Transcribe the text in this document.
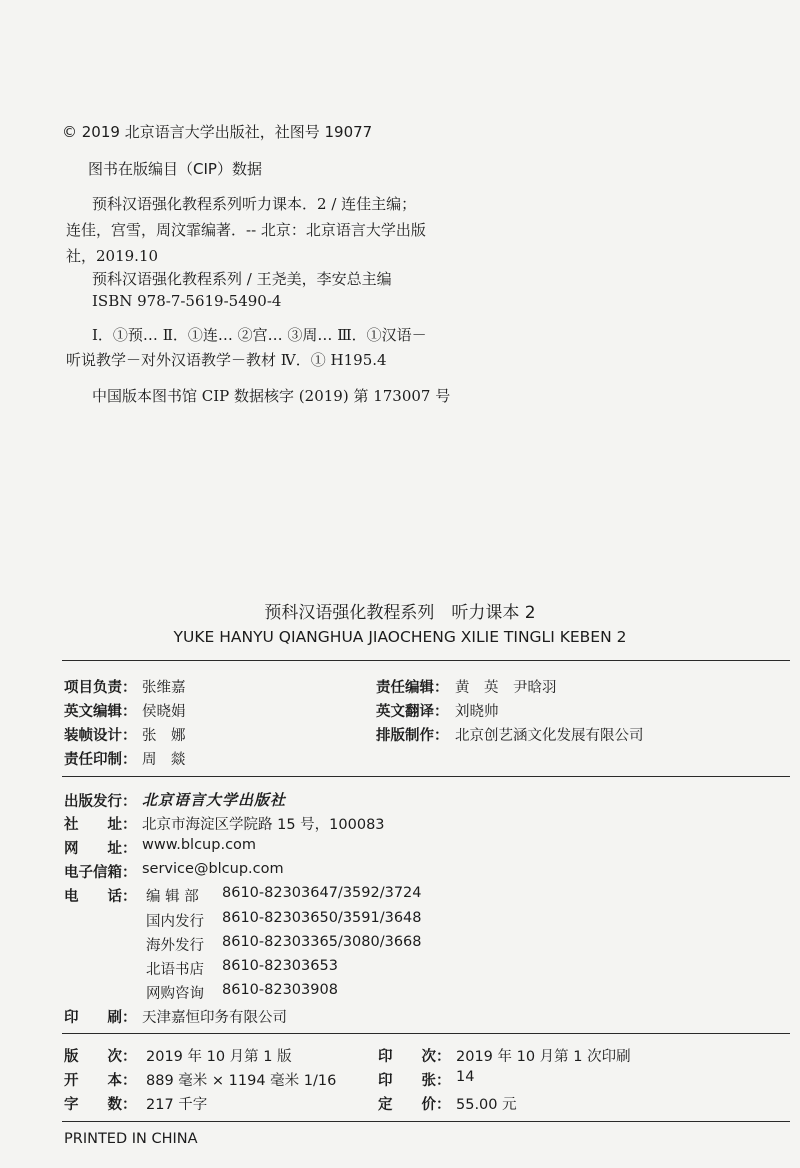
© 2019 北京语言大学出版社，社图号 19077
图书在版编目（CIP）数据
预科汉语强化教程系列听力课本．2 / 连佳主编；
连佳，宫雪，周汶霏编著．-- 北京：北京语言大学出版
社，2019.10
预科汉语强化教程系列 / 王尧美，李安总主编
ISBN 978-7-5619-5490-4
Ⅰ．①预… Ⅱ．①连… ②宫… ③周… Ⅲ．①汉语－
听说教学－对外汉语教学－教材 Ⅳ．① H195.4
中国版本图书馆 CIP 数据核字 (2019) 第 173007 号
预科汉语强化教程系列　听力课本 2
YUKE HANYU QIANGHUA JIAOCHENG XILIE TINGLI KEBEN 2
项目负责： 张维嘉	责任编辑： 黄　英　尹晗羽
英文编辑： 侯晓娟	英文翻译： 刘晓帅
装帧设计： 张　娜	排版制作： 北京创艺涵文化发展有限公司
责任印制： 周　燚
出版发行： 北京语言大学出版社
社　　址： 北京市海淀区学院路 15 号，100083
网　　址： www.blcup.com
电子信箱： service@blcup.com
电　　话： 编 辑 部 8610-82303647/3592/3724
国内发行 8610-82303650/3591/3648
海外发行 8610-82303365/3080/3668
北语书店 8610-82303653
网购咨询 8610-82303908
印　　刷： 天津嘉恒印务有限公司
版　　次： 2019 年 10 月第 1 版	印　　次： 2019 年 10 月第 1 次印刷
开　　本： 889 毫米 × 1194 毫米 1/16	印　　张： 14
字　　数： 217 千字	定　　价： 55.00 元
PRINTED IN CHINA
